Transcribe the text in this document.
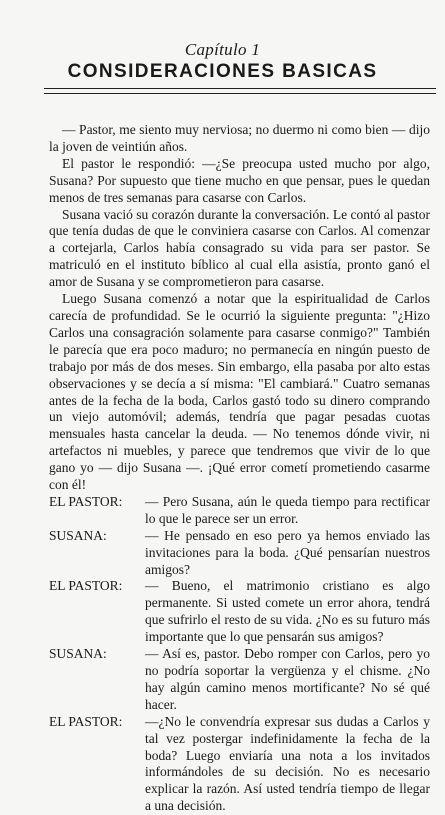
Capítulo 1
CONSIDERACIONES BASICAS

— Pastor, me siento muy nerviosa; no duermo ni como bien — dijo la joven de veintiún años.

El pastor le respondió: —¿Se preocupa usted mucho por algo, Susana? Por supuesto que tiene mucho en que pensar, pues le quedan menos de tres semanas para casarse con Carlos.

Susana vació su corazón durante la conversación. Le contó al pastor que tenía dudas de que le conviniera casarse con Carlos. Al comenzar a cortejarla, Carlos había consagrado su vida para ser pastor. Se matriculó en el instituto bíblico al cual ella asistía, pronto ganó el amor de Susana y se comprometieron para casarse.

Luego Susana comenzó a notar que la espiritualidad de Carlos carecía de profundidad. Se le ocurrió la siguiente pregunta: "¿Hizo Carlos una consagración solamente para casarse conmigo?" También le parecía que era poco maduro; no permanecía en ningún puesto de trabajo por más de dos meses. Sin embargo, ella pasaba por alto estas observaciones y se decía a sí misma: "El cambiará." Cuatro semanas antes de la fecha de la boda, Carlos gastó todo su dinero comprando un viejo automóvil; además, tendría que pagar pesadas cuotas mensuales hasta cancelar la deuda. — No tenemos dónde vivir, ni artefactos ni muebles, y parece que tendremos que vivir de lo que gano yo — dijo Susana —. ¡Qué error cometí prometiendo casarme con él!

EL PASTOR:	— Pero Susana, aún le queda tiempo para rectificar lo que le parece ser un error.
SUSANA:	— He pensado en eso pero ya hemos enviado las invitaciones para la boda. ¿Qué pensarían nuestros amigos?
EL PASTOR:	— Bueno, el matrimonio cristiano es algo permanente. Si usted comete un error ahora, tendrá que sufrirlo el resto de su vida. ¿No es su futuro más importante que lo que pensarán sus amigos?
SUSANA:	— Así es, pastor. Debo romper con Carlos, pero yo no podría soportar la vergüenza y el chisme. ¿No hay algún camino menos mortificante? No sé qué hacer.
EL PASTOR:	—¿No le convendría expresar sus dudas a Carlos y tal vez postergar indefinidamente la fecha de la boda? Luego enviaría una nota a los invitados informándoles de su decisión. No es necesario explicar la razón. Así usted tendría tiempo de llegar a una decisión.
